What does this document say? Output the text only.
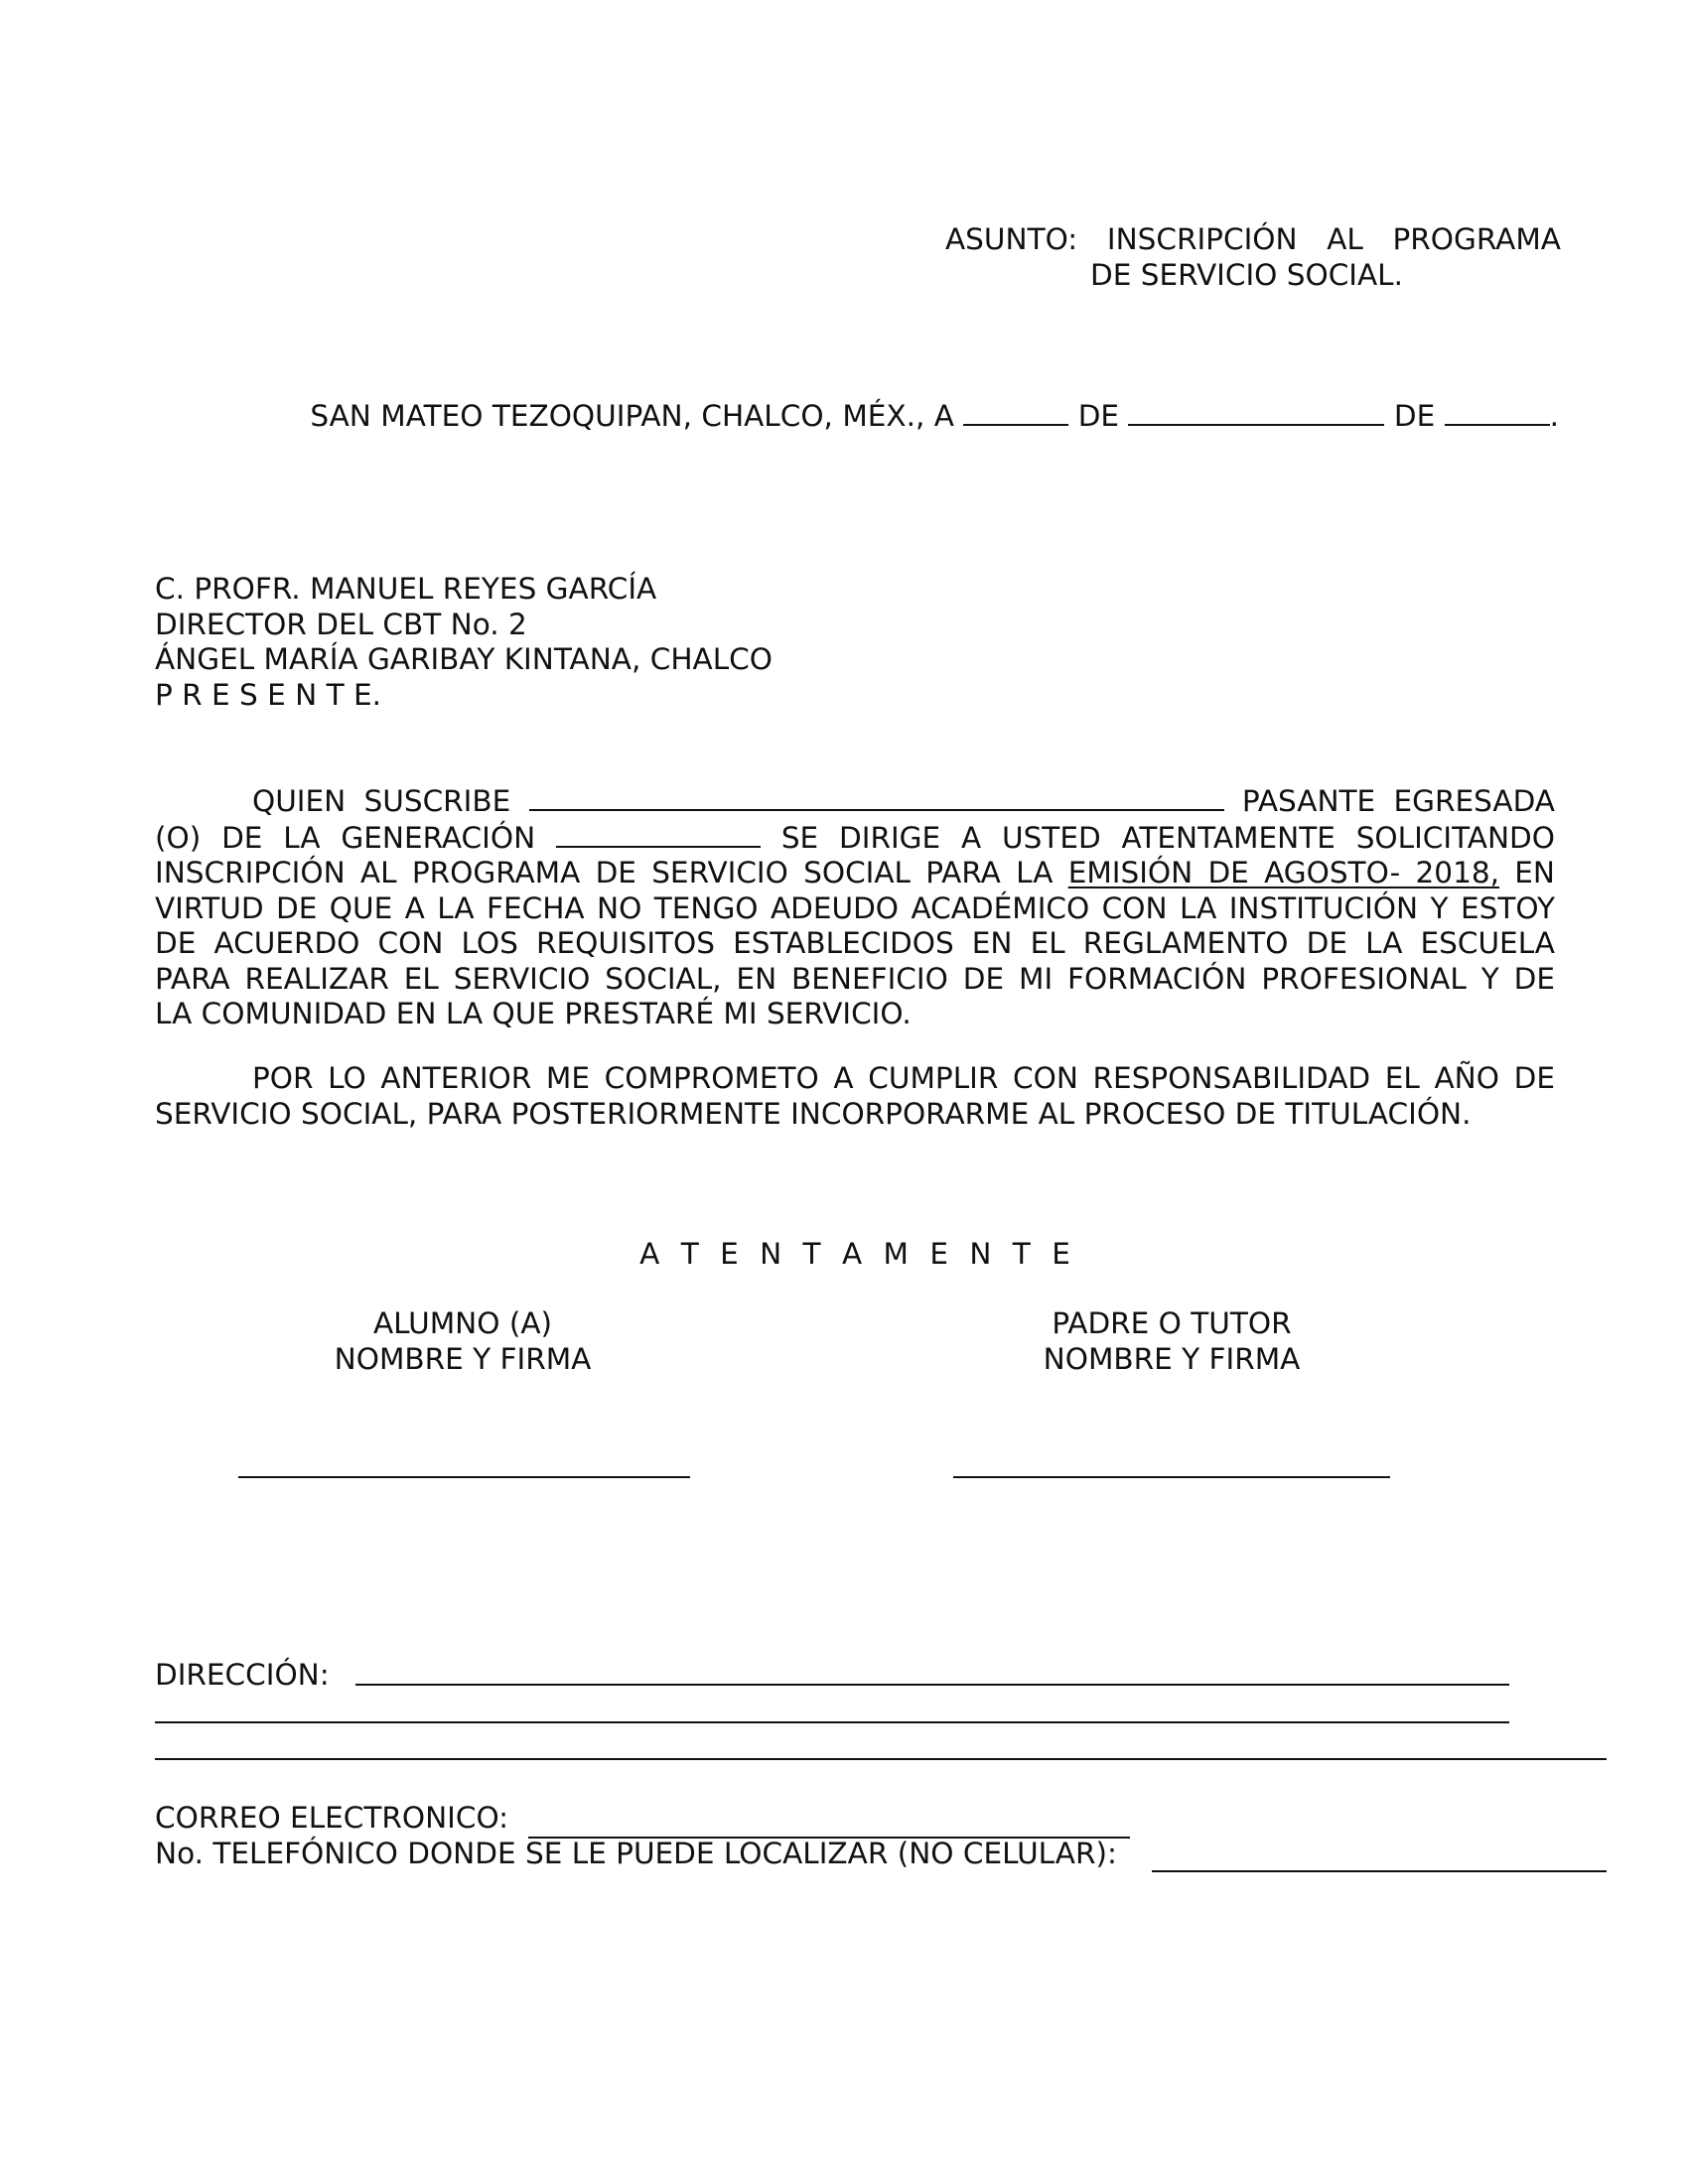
ASUNTO: INSCRIPCIÓN AL PROGRAMA
DE SERVICIO SOCIAL.
SAN MATEO TEZOQUIPAN, CHALCO, MÉX., A	DE	DE	.
C. PROFR. MANUEL REYES GARCÍA
DIRECTOR DEL CBT No. 2
ÁNGEL MARÍA GARIBAY KINTANA, CHALCO
P R E S E N T E.
QUIEN SUSCRIBE	PASANTE EGRESADA
(O) DE LA GENERACIÓN	SE DIRIGE A USTED ATENTAMENTE SOLICITANDO
INSCRIPCIÓN AL PROGRAMA DE SERVICIO SOCIAL PARA LA EMISIÓN DE AGOSTO- 2018, EN
VIRTUD DE QUE A LA FECHA NO TENGO ADEUDO ACADÉMICO CON LA INSTITUCIÓN Y ESTOY
DE ACUERDO CON LOS REQUISITOS ESTABLECIDOS EN EL REGLAMENTO DE LA ESCUELA
PARA REALIZAR EL SERVICIO SOCIAL, EN BENEFICIO DE MI FORMACIÓN PROFESIONAL Y DE
LA COMUNIDAD EN LA QUE PRESTARÉ MI SERVICIO.
POR LO ANTERIOR ME COMPROMETO A CUMPLIR CON RESPONSABILIDAD EL AÑO DE
SERVICIO SOCIAL, PARA POSTERIORMENTE INCORPORARME AL PROCESO DE TITULACIÓN.
A T E N T A M E N T E
ALUMNO (A)
NOMBRE Y FIRMA
PADRE O TUTOR
NOMBRE Y FIRMA
DIRECCIÓN:
CORREO ELECTRONICO:
No. TELEFÓNICO DONDE SE LE PUEDE LOCALIZAR (NO CELULAR):
